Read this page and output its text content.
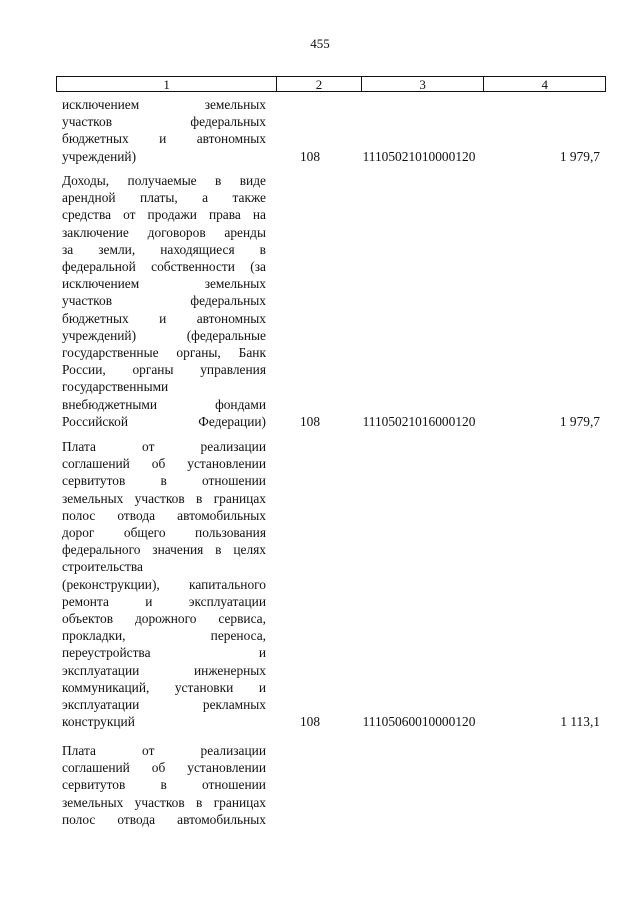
455
1	2	3	4
исключением	земельных
участков	федеральных
бюджетных и автономных
учреждений)	108	11105021010000120	1 979,7
Доходы, получаемые в виде
арендной платы, а также
средства от продажи права на
заключение договоров аренды
за земли, находящиеся в
федеральной собственности (за
исключением	земельных
участков	федеральных
бюджетных и автономных
учреждений)	(федеральные
государственные органы, Банк
России, органы управления
государственными
внебюджетными	фондами
Российской	Федерации)	108	11105021016000120	1 979,7
Плата	от	реализации
соглашений об установлении
сервитутов	в	отношении
земельных участков в границах
полос отвода автомобильных
дорог общего пользования
федерального значения в целях
строительства
(реконструкции), капитального
ремонта	и	эксплуатации
объектов дорожного сервиса,
прокладки,	переноса,
переустройства	и
эксплуатации	инженерных
коммуникаций, установки и
эксплуатации	рекламных
конструкций	108	11105060010000120	1 113,1
Плата	от	реализации
соглашений об установлении
сервитутов	в	отношении
земельных участков в границах
полос отвода автомобильных
